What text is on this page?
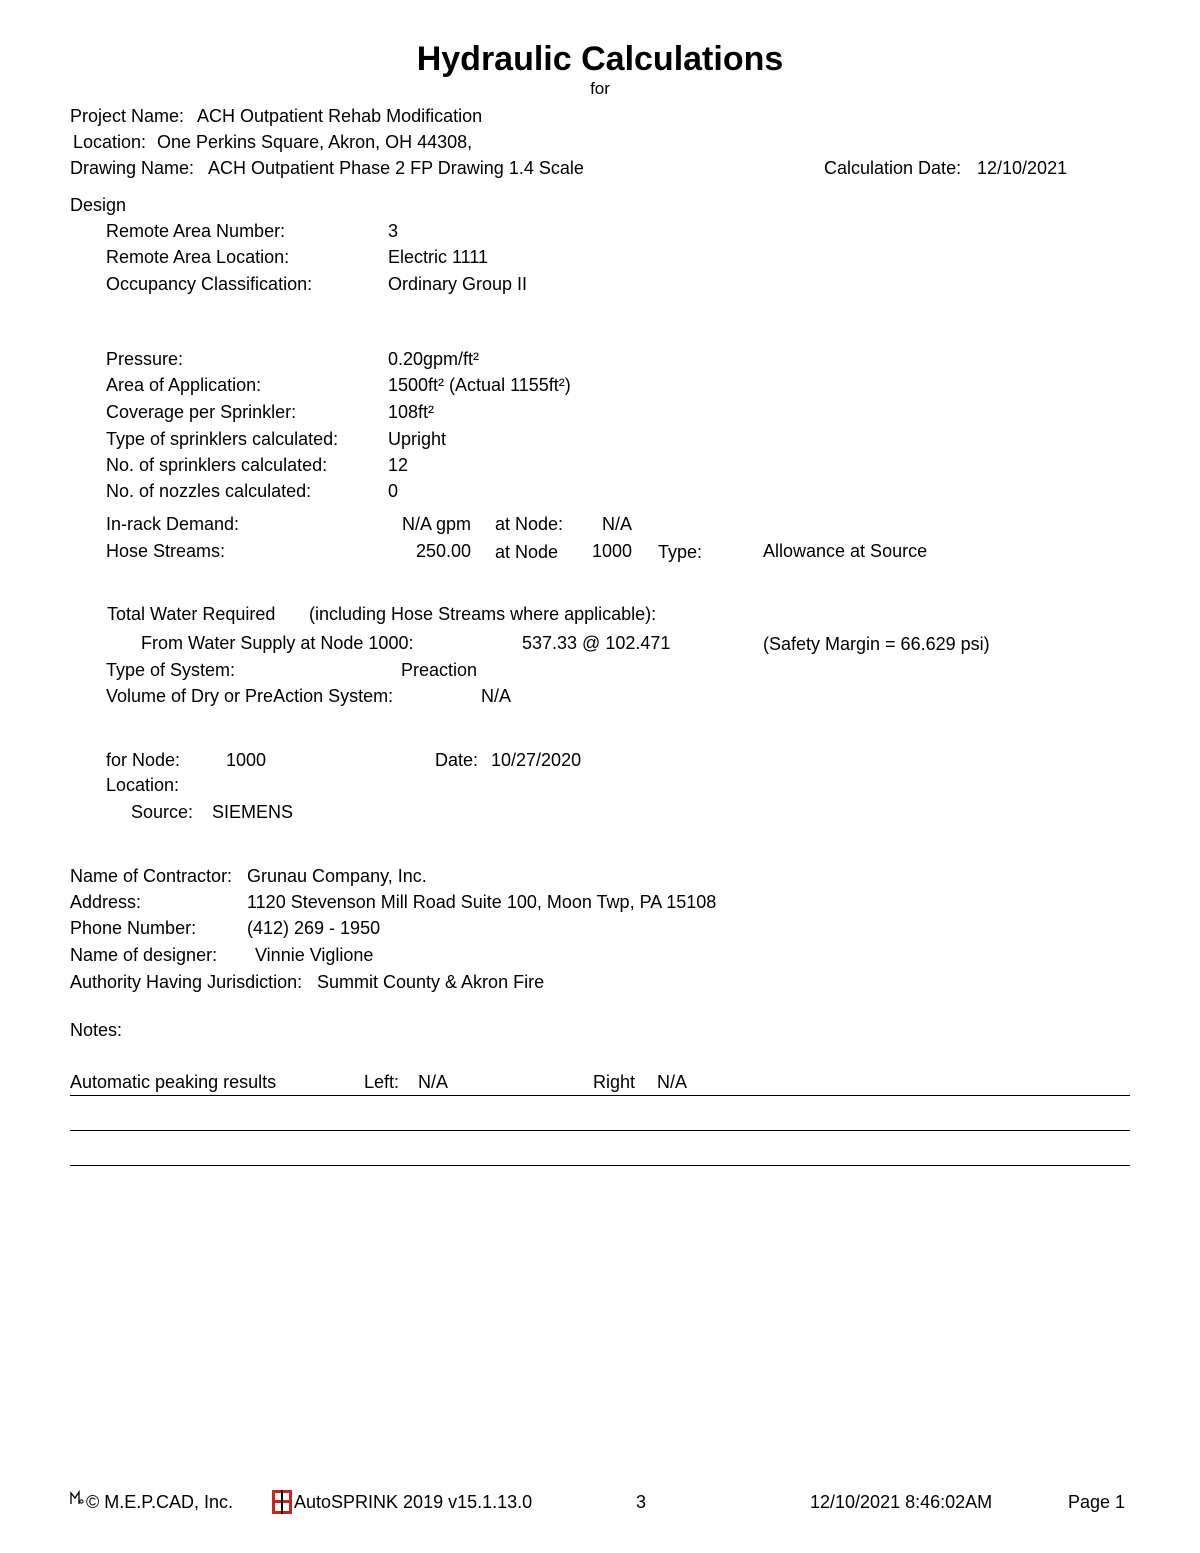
Hydraulic Calculations
for
Project Name: ACH Outpatient Rehab Modification
Location: One Perkins Square, Akron, OH 44308,
Drawing Name: ACH Outpatient Phase 2 FP Drawing 1.4 Scale	Calculation Date: 12/10/2021
Design
Remote Area Number:	3
Remote Area Location:	Electric 1111
Occupancy Classification:	Ordinary Group II
Pressure:	0.20gpm/ft²
Area of Application:	1500ft² (Actual 1155ft²)
Coverage per Sprinkler:	108ft²
Type of sprinklers calculated:	Upright
No. of sprinklers calculated:	12
No. of nozzles calculated:	0
In-rack Demand:	N/A gpm at Node: N/A
Hose Streams:	250.00 at Node 1000 Type:	Allowance at Source
Total Water Required (including Hose Streams where applicable):
From Water Supply at Node 1000:	537.33 @ 102.471	(Safety Margin = 66.629 psi)
Type of System:	Preaction
Volume of Dry or PreAction System:	N/A
for Node:	1000	Date: 10/27/2020
Location:
Source: SIEMENS
Name of Contractor: Grunau Company, Inc.
Address:	1120 Stevenson Mill Road Suite 100, Moon Twp, PA 15108
Phone Number:	(412) 269 - 1950
Name of designer: Vinnie Viglione
Authority Having Jurisdiction: Summit County & Akron Fire
Notes:
Automatic peaking results	Left: N/A	Right N/A
© M.E.P.CAD, Inc.	AutoSPRINK 2019 v15.1.13.0	3	12/10/2021 8:46:02AM	Page 1
